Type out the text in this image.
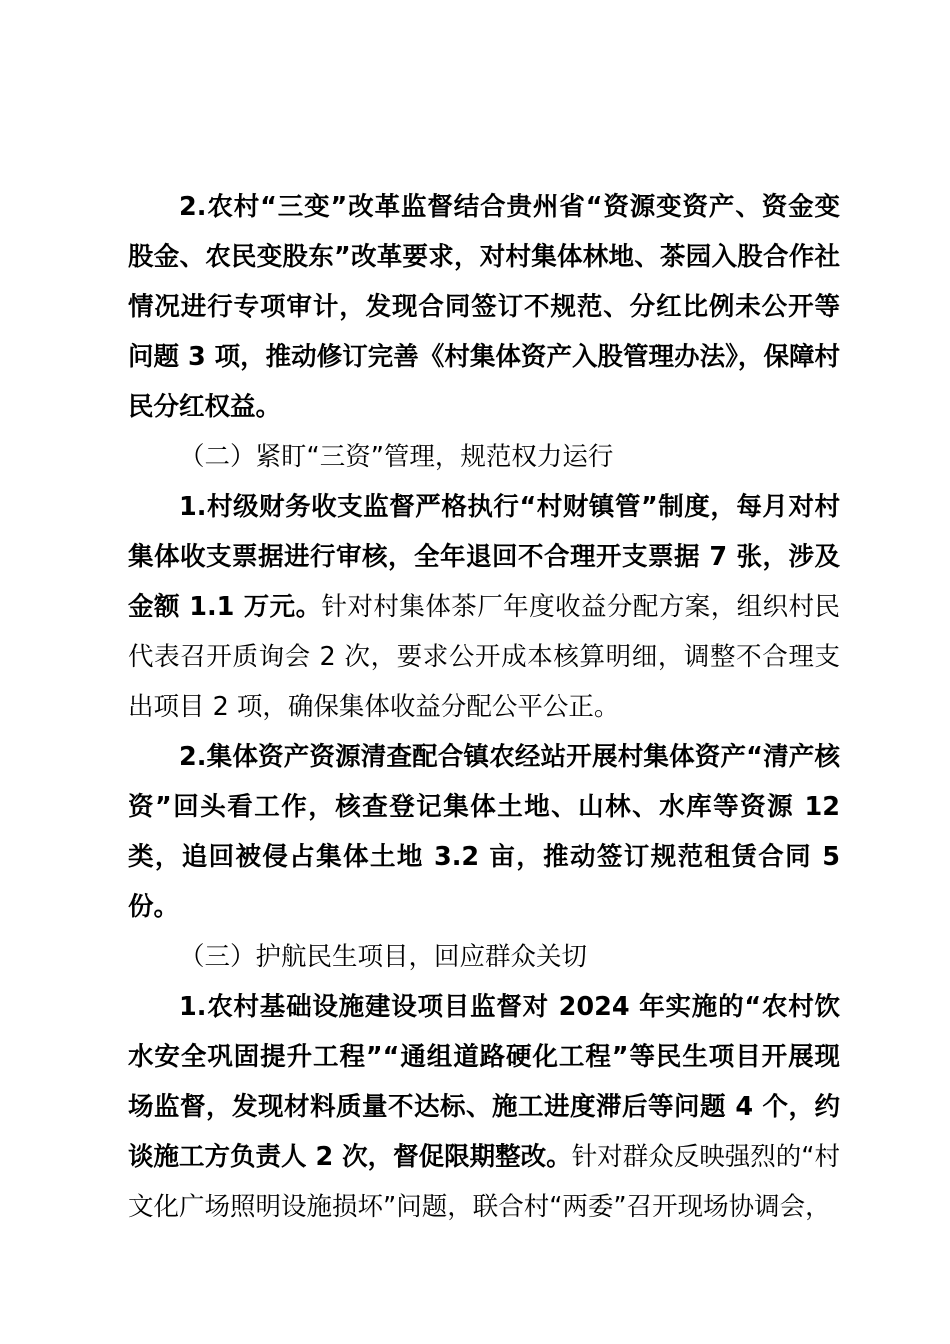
2.农村“三变”改革监督结合贵州省“资源变资产、资金变股金、农民变股东”改革要求，对村集体林地、茶园入股合作社情况进行专项审计，发现合同签订不规范、分红比例未公开等问题 3 项，推动修订完善《村集体资产入股管理办法》，保障村民分红权益。

（二）紧盯“三资”管理，规范权力运行

1.村级财务收支监督严格执行“村财镇管”制度，每月对村集体收支票据进行审核，全年退回不合理开支票据 7 张，涉及金额 1.1 万元。针对村集体茶厂年度收益分配方案，组织村民代表召开质询会 2 次，要求公开成本核算明细，调整不合理支出项目 2 项，确保集体收益分配公平公正。

2.集体资产资源清查配合镇农经站开展村集体资产“清产核资”回头看工作，核查登记集体土地、山林、水库等资源 12 类，追回被侵占集体土地 3.2 亩，推动签订规范租赁合同 5 份。

（三）护航民生项目，回应群众关切

1.农村基础设施建设项目监督对 2024 年实施的“农村饮水安全巩固提升工程”“通组道路硬化工程”等民生项目开展现场监督，发现材料质量不达标、施工进度滞后等问题 4 个，约谈施工方负责人 2 次，督促限期整改。针对群众反映强烈的“村文化广场照明设施损坏”问题，联合村“两委”召开现场协调会，
